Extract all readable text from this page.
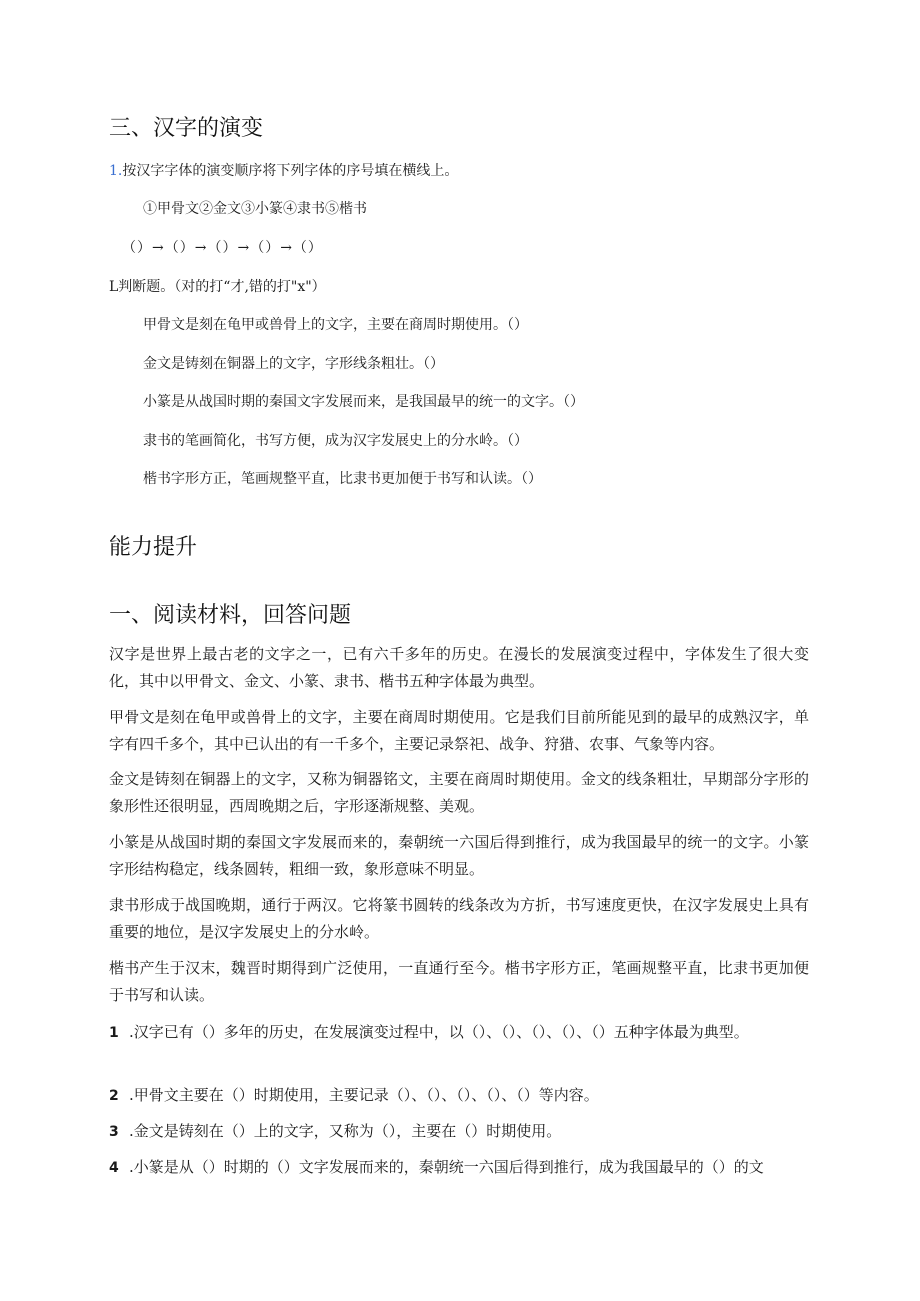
三、汉字的演变
1.按汉字字体的演变顺序将下列字体的序号填在横线上。
①甲骨文②金文③小篆④隶书⑤楷书
（）→（）→（）→（）→（）
L判断题。（对的打“才,错的打"x"）
甲骨文是刻在龟甲或兽骨上的文字，主要在商周时期使用。（）
金文是铸刻在铜器上的文字，字形线条粗壮。（）
小篆是从战国时期的秦国文字发展而来，是我国最早的统一的文字。（）
隶书的笔画简化，书写方便，成为汉字发展史上的分水岭。（）
楷书字形方正，笔画规整平直，比隶书更加便于书写和认读。（）
能力提升
一、阅读材料，回答问题
汉字是世界上最古老的文字之一，已有六千多年的历史。在漫长的发展演变过程中，字体发生了很大变化，其中以甲骨文、金文、小篆、隶书、楷书五种字体最为典型。
甲骨文是刻在龟甲或兽骨上的文字，主要在商周时期使用。它是我们目前所能见到的最早的成熟汉字，单字有四千多个，其中已认出的有一千多个，主要记录祭祀、战争、狩猎、农事、气象等内容。
金文是铸刻在铜器上的文字，又称为铜器铭文，主要在商周时期使用。金文的线条粗壮，早期部分字形的象形性还很明显，西周晚期之后，字形逐渐规整、美观。
小篆是从战国时期的秦国文字发展而来的，秦朝统一六国后得到推行，成为我国最早的统一的文字。小篆字形结构稳定，线条圆转，粗细一致，象形意味不明显。
隶书形成于战国晚期，通行于两汉。它将篆书圆转的线条改为方折，书写速度更快，在汉字发展史上具有重要的地位，是汉字发展史上的分水岭。
楷书产生于汉末，魏晋时期得到广泛使用，一直通行至今。楷书字形方正，笔画规整平直，比隶书更加便于书写和认读。
1 .汉字已有（）多年的历史，在发展演变过程中，以（）、（）、（）、（）、（）五种字体最为典型。
2 .甲骨文主要在（）时期使用，主要记录（）、（）、（）、（）、（）等内容。
3 .金文是铸刻在（）上的文字，又称为（），主要在（）时期使用。
4 .小篆是从（）时期的（）文字发展而来的，秦朝统一六国后得到推行，成为我国最早的（）的文
